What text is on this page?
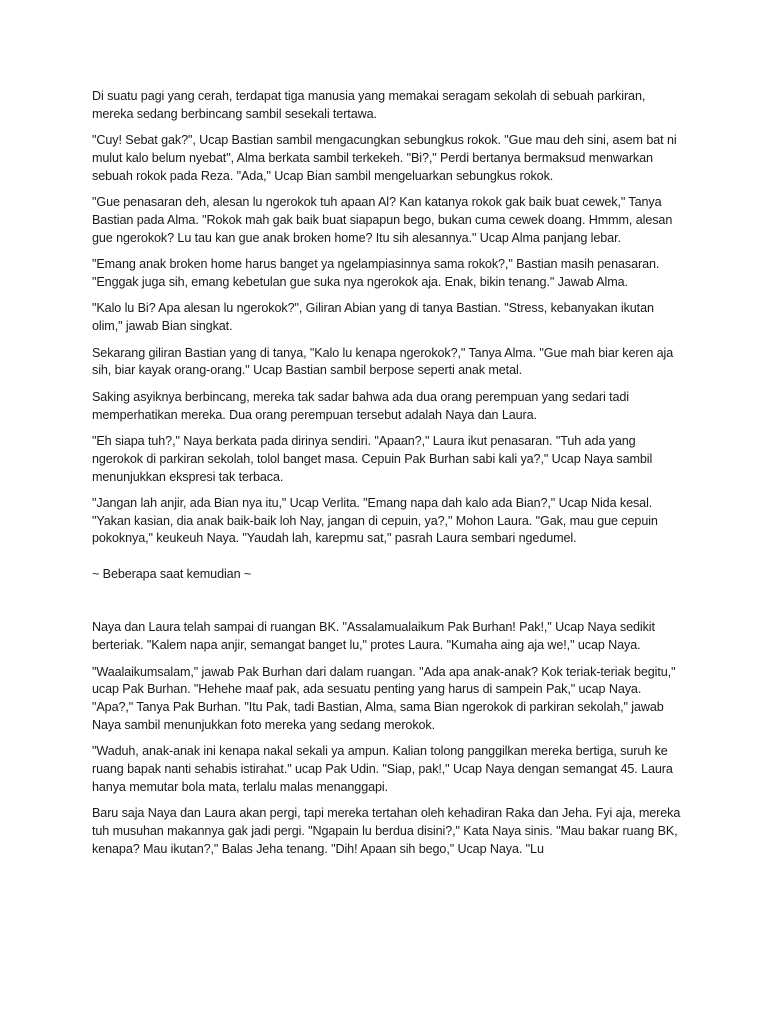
Di suatu pagi yang cerah, terdapat tiga manusia yang memakai seragam sekolah di sebuah parkiran, mereka sedang berbincang sambil sesekali tertawa.

"Cuy! Sebat gak?", Ucap Bastian sambil mengacungkan sebungkus rokok. "Gue mau deh sini, asem bat ni mulut kalo belum nyebat", Alma berkata sambil terkekeh. "Bi?," Perdi bertanya bermaksud menwarkan sebuah rokok pada Reza. "Ada," Ucap Bian sambil mengeluarkan sebungkus rokok.

"Gue penasaran deh, alesan lu ngerokok tuh apaan Al? Kan katanya rokok gak baik buat cewek," Tanya Bastian pada Alma. "Rokok mah gak baik buat siapapun bego, bukan cuma cewek doang. Hmmm, alesan gue ngerokok? Lu tau kan gue anak broken home? Itu sih alesannya." Ucap Alma panjang lebar.

"Emang anak broken home harus banget ya ngelampiasinnya sama rokok?," Bastian masih penasaran. "Enggak juga sih, emang kebetulan gue suka nya ngerokok aja. Enak, bikin tenang." Jawab Alma.

"Kalo lu Bi? Apa alesan lu ngerokok?", Giliran Abian yang di tanya Bastian. "Stress, kebanyakan ikutan olim," jawab Bian singkat.

Sekarang giliran Bastian yang di tanya, "Kalo lu kenapa ngerokok?," Tanya Alma. "Gue mah biar keren aja sih, biar kayak orang-orang." Ucap Bastian sambil berpose seperti anak metal.

Saking asyiknya berbincang, mereka tak sadar bahwa ada dua orang perempuan yang sedari tadi memperhatikan mereka. Dua orang perempuan tersebut adalah Naya dan Laura.

"Eh siapa tuh?," Naya berkata pada dirinya sendiri. "Apaan?," Laura ikut penasaran. "Tuh ada yang ngerokok di parkiran sekolah, tolol banget masa. Cepuin Pak Burhan sabi kali ya?," Ucap Naya sambil menunjukkan ekspresi tak terbaca.

"Jangan lah anjir, ada Bian nya itu," Ucap Verlita. "Emang napa dah kalo ada Bian?," Ucap Nida kesal. "Yakan kasian, dia anak baik-baik loh Nay, jangan di cepuin, ya?," Mohon Laura. "Gak, mau gue cepuin pokoknya," keukeuh Naya. "Yaudah lah, karepmu sat," pasrah Laura sembari ngedumel.

~ Beberapa saat kemudian ~

Naya dan Laura telah sampai di ruangan BK. "Assalamualaikum Pak Burhan! Pak!," Ucap Naya sedikit berteriak. "Kalem napa anjir, semangat banget lu," protes Laura. "Kumaha aing aja we!," ucap Naya.

"Waalaikumsalam," jawab Pak Burhan dari dalam ruangan. "Ada apa anak-anak? Kok teriak-teriak begitu," ucap Pak Burhan. "Hehehe maaf pak, ada sesuatu penting yang harus di sampein Pak," ucap Naya. "Apa?," Tanya Pak Burhan. "Itu Pak, tadi Bastian, Alma, sama Bian ngerokok di parkiran sekolah," jawab Naya sambil menunjukkan foto mereka yang sedang merokok.

"Waduh, anak-anak ini kenapa nakal sekali ya ampun. Kalian tolong panggilkan mereka bertiga, suruh ke ruang bapak nanti sehabis istirahat." ucap Pak Udin. "Siap, pak!," Ucap Naya dengan semangat 45. Laura hanya memutar bola mata, terlalu malas menanggapi.

Baru saja Naya dan Laura akan pergi, tapi mereka tertahan oleh kehadiran Raka dan Jeha. Fyi aja, mereka tuh musuhan makannya gak jadi pergi. "Ngapain lu berdua disini?," Kata Naya sinis. "Mau bakar ruang BK, kenapa? Mau ikutan?," Balas Jeha tenang. "Dih! Apaan sih bego," Ucap Naya. "Lu
